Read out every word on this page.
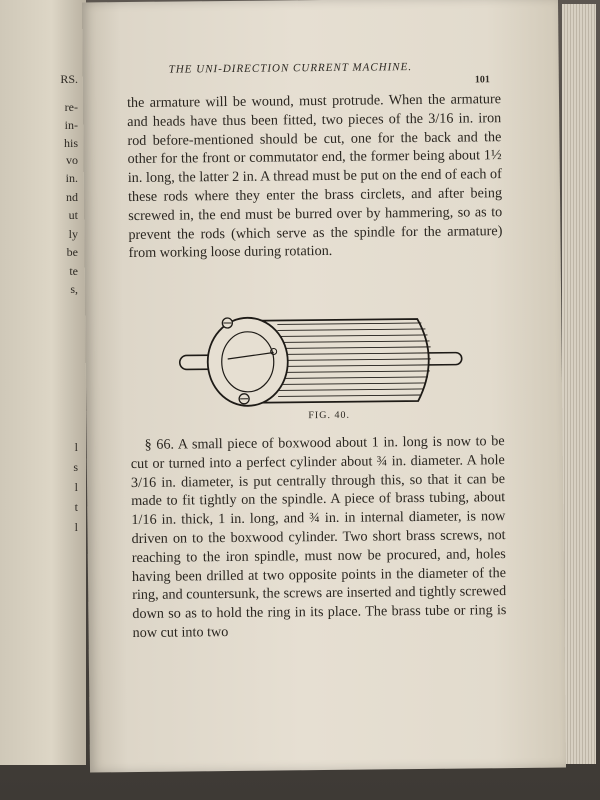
RS.
re-
in-
his
vo
in.
nd
ut
ly
be
te
s,
l
s
l
t
l
THE UNI-DIRECTION CURRENT MACHINE.
101
the armature will be wound, must protrude. When the armature and heads have thus been fitted, two pieces of the 3/16 in. iron rod before-mentioned should be cut, one for the back and the other for the front or commutator end, the former being about 1½ in. long, the latter 2 in. A thread must be put on the end of each of these rods where they enter the brass circlets, and after being screwed in, the end must be burred over by hammering, so as to prevent the rods (which serve as the spindle for the armature) from working loose during rotation.
FIG. 40.
§ 66. A small piece of boxwood about 1 in. long is now to be cut or turned into a perfect cylinder about ¾ in. diameter. A hole 3/16 in. diameter, is put centrally through this, so that it can be made to fit tightly on the spindle. A piece of brass tubing, about 1/16 in. thick, 1 in. long, and ¾ in. in internal diameter, is now driven on to the boxwood cylinder. Two short brass screws, not reaching to the iron spindle, must now be procured, and, holes having been drilled at two opposite points in the diameter of the ring, and countersunk, the screws are inserted and tightly screwed down so as to hold the ring in its place. The brass tube or ring is now cut into two
